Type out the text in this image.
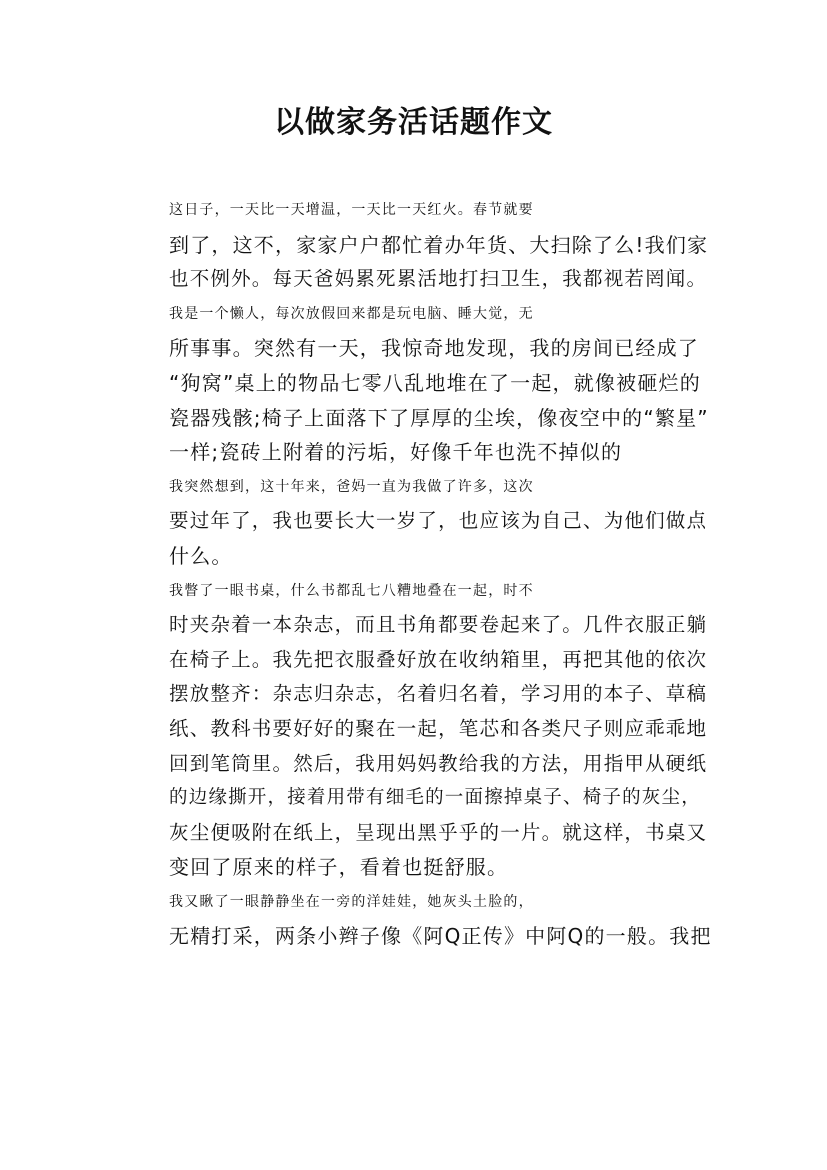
以做家务活话题作文

这日子，一天比一天增温，一天比一天红火。春节就要
到了，这不，家家户户都忙着办年货、大扫除了么!我们家
也不例外。每天爸妈累死累活地打扫卫生，我都视若罔闻。

我是一个懒人，每次放假回来都是玩电脑、睡大觉，无
所事事。突然有一天，我惊奇地发现，我的房间已经成了
“狗窝”桌上的物品七零八乱地堆在了一起，就像被砸烂的
瓷器残骸;椅子上面落下了厚厚的尘埃，像夜空中的“繁星”
一样;瓷砖上附着的污垢，好像千年也洗不掉似的

我突然想到，这十年来，爸妈一直为我做了许多，这次
要过年了，我也要长大一岁了，也应该为自己、为他们做点
什么。

我瞥了一眼书桌，什么书都乱七八糟地叠在一起，时不
时夹杂着一本杂志，而且书角都要卷起来了。几件衣服正躺
在椅子上。我先把衣服叠好放在收纳箱里，再把其他的依次
摆放整齐：杂志归杂志，名着归名着，学习用的本子、草稿
纸、教科书要好好的聚在一起，笔芯和各类尺子则应乖乖地
回到笔筒里。然后，我用妈妈教给我的方法，用指甲从硬纸
的边缘撕开，接着用带有细毛的一面擦掉桌子、椅子的灰尘，
灰尘便吸附在纸上，呈现出黑乎乎的一片。就这样，书桌又
变回了原来的样子，看着也挺舒服。

我又瞅了一眼静静坐在一旁的洋娃娃，她灰头土脸的，
无精打采，两条小辫子像《阿Q正传》中阿Q的一般。我把
